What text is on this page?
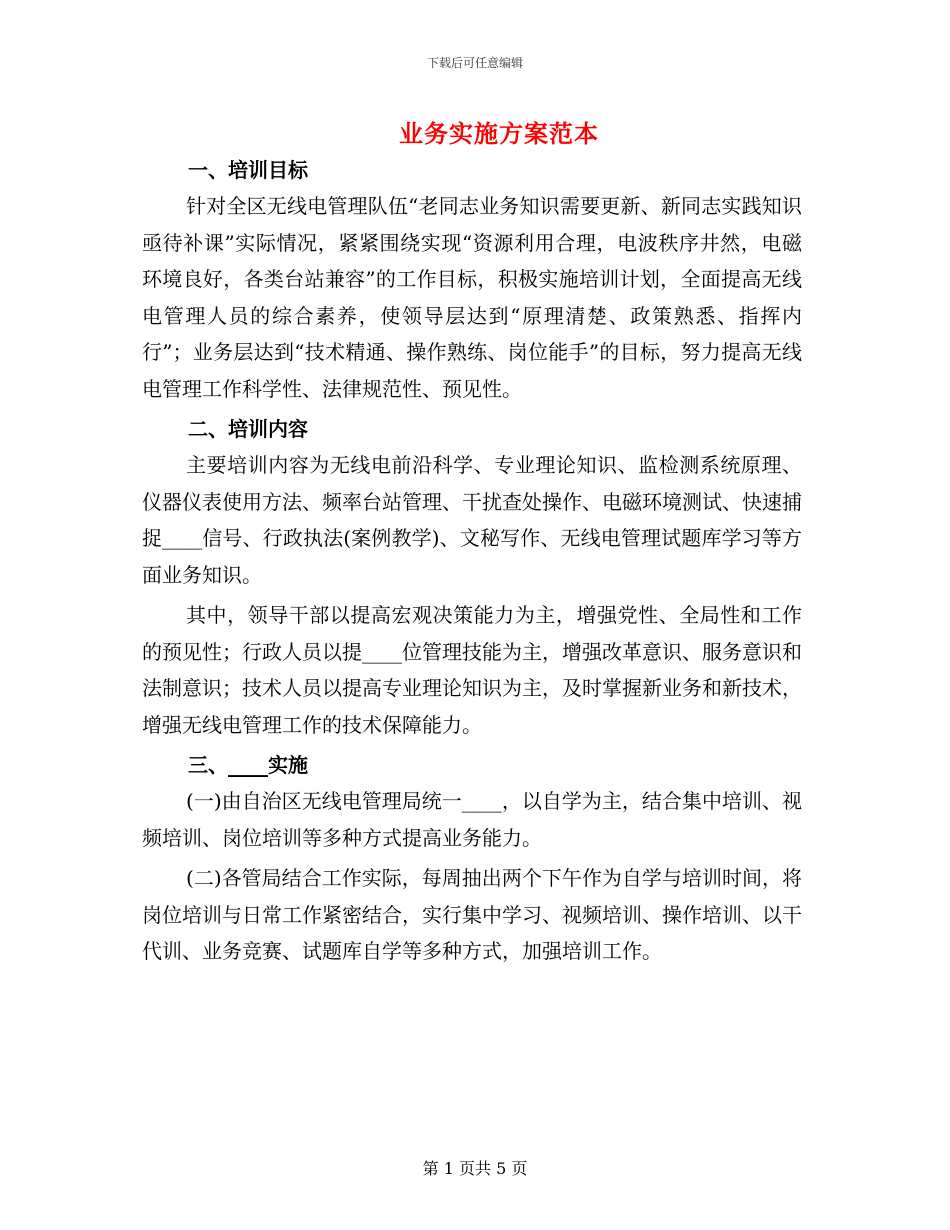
下载后可任意编辑
业务实施方案范本
一、培训目标

针对全区无线电管理队伍“老同志业务知识需要更新、新同志实践知识亟待补课”实际情况，紧紧围绕实现“资源利用合理，电波秩序井然，电磁环境良好，各类台站兼容”的工作目标，积极实施培训计划，全面提高无线电管理人员的综合素养，使领导层达到“原理清楚、政策熟悉、指挥内行”；业务层达到“技术精通、操作熟练、岗位能手”的目标，努力提高无线电管理工作科学性、法律规范性、预见性。

二、培训内容

主要培训内容为无线电前沿科学、专业理论知识、监检测系统原理、仪器仪表使用方法、频率台站管理、干扰查处操作、电磁环境测试、快速捕捉____信号、行政执法(案例教学)、文秘写作、无线电管理试题库学习等方面业务知识。

其中，领导干部以提高宏观决策能力为主，增强党性、全局性和工作的预见性；行政人员以提____位管理技能为主，增强改革意识、服务意识和法制意识；技术人员以提高专业理论知识为主，及时掌握新业务和新技术，增强无线电管理工作的技术保障能力。

三、____实施

(一)由自治区无线电管理局统一____，以自学为主，结合集中培训、视频培训、岗位培训等多种方式提高业务能力。

(二)各管局结合工作实际，每周抽出两个下午作为自学与培训时间，将岗位培训与日常工作紧密结合，实行集中学习、视频培训、操作培训、以干代训、业务竞赛、试题库自学等多种方式，加强培训工作。

第 1 页共 5 页
